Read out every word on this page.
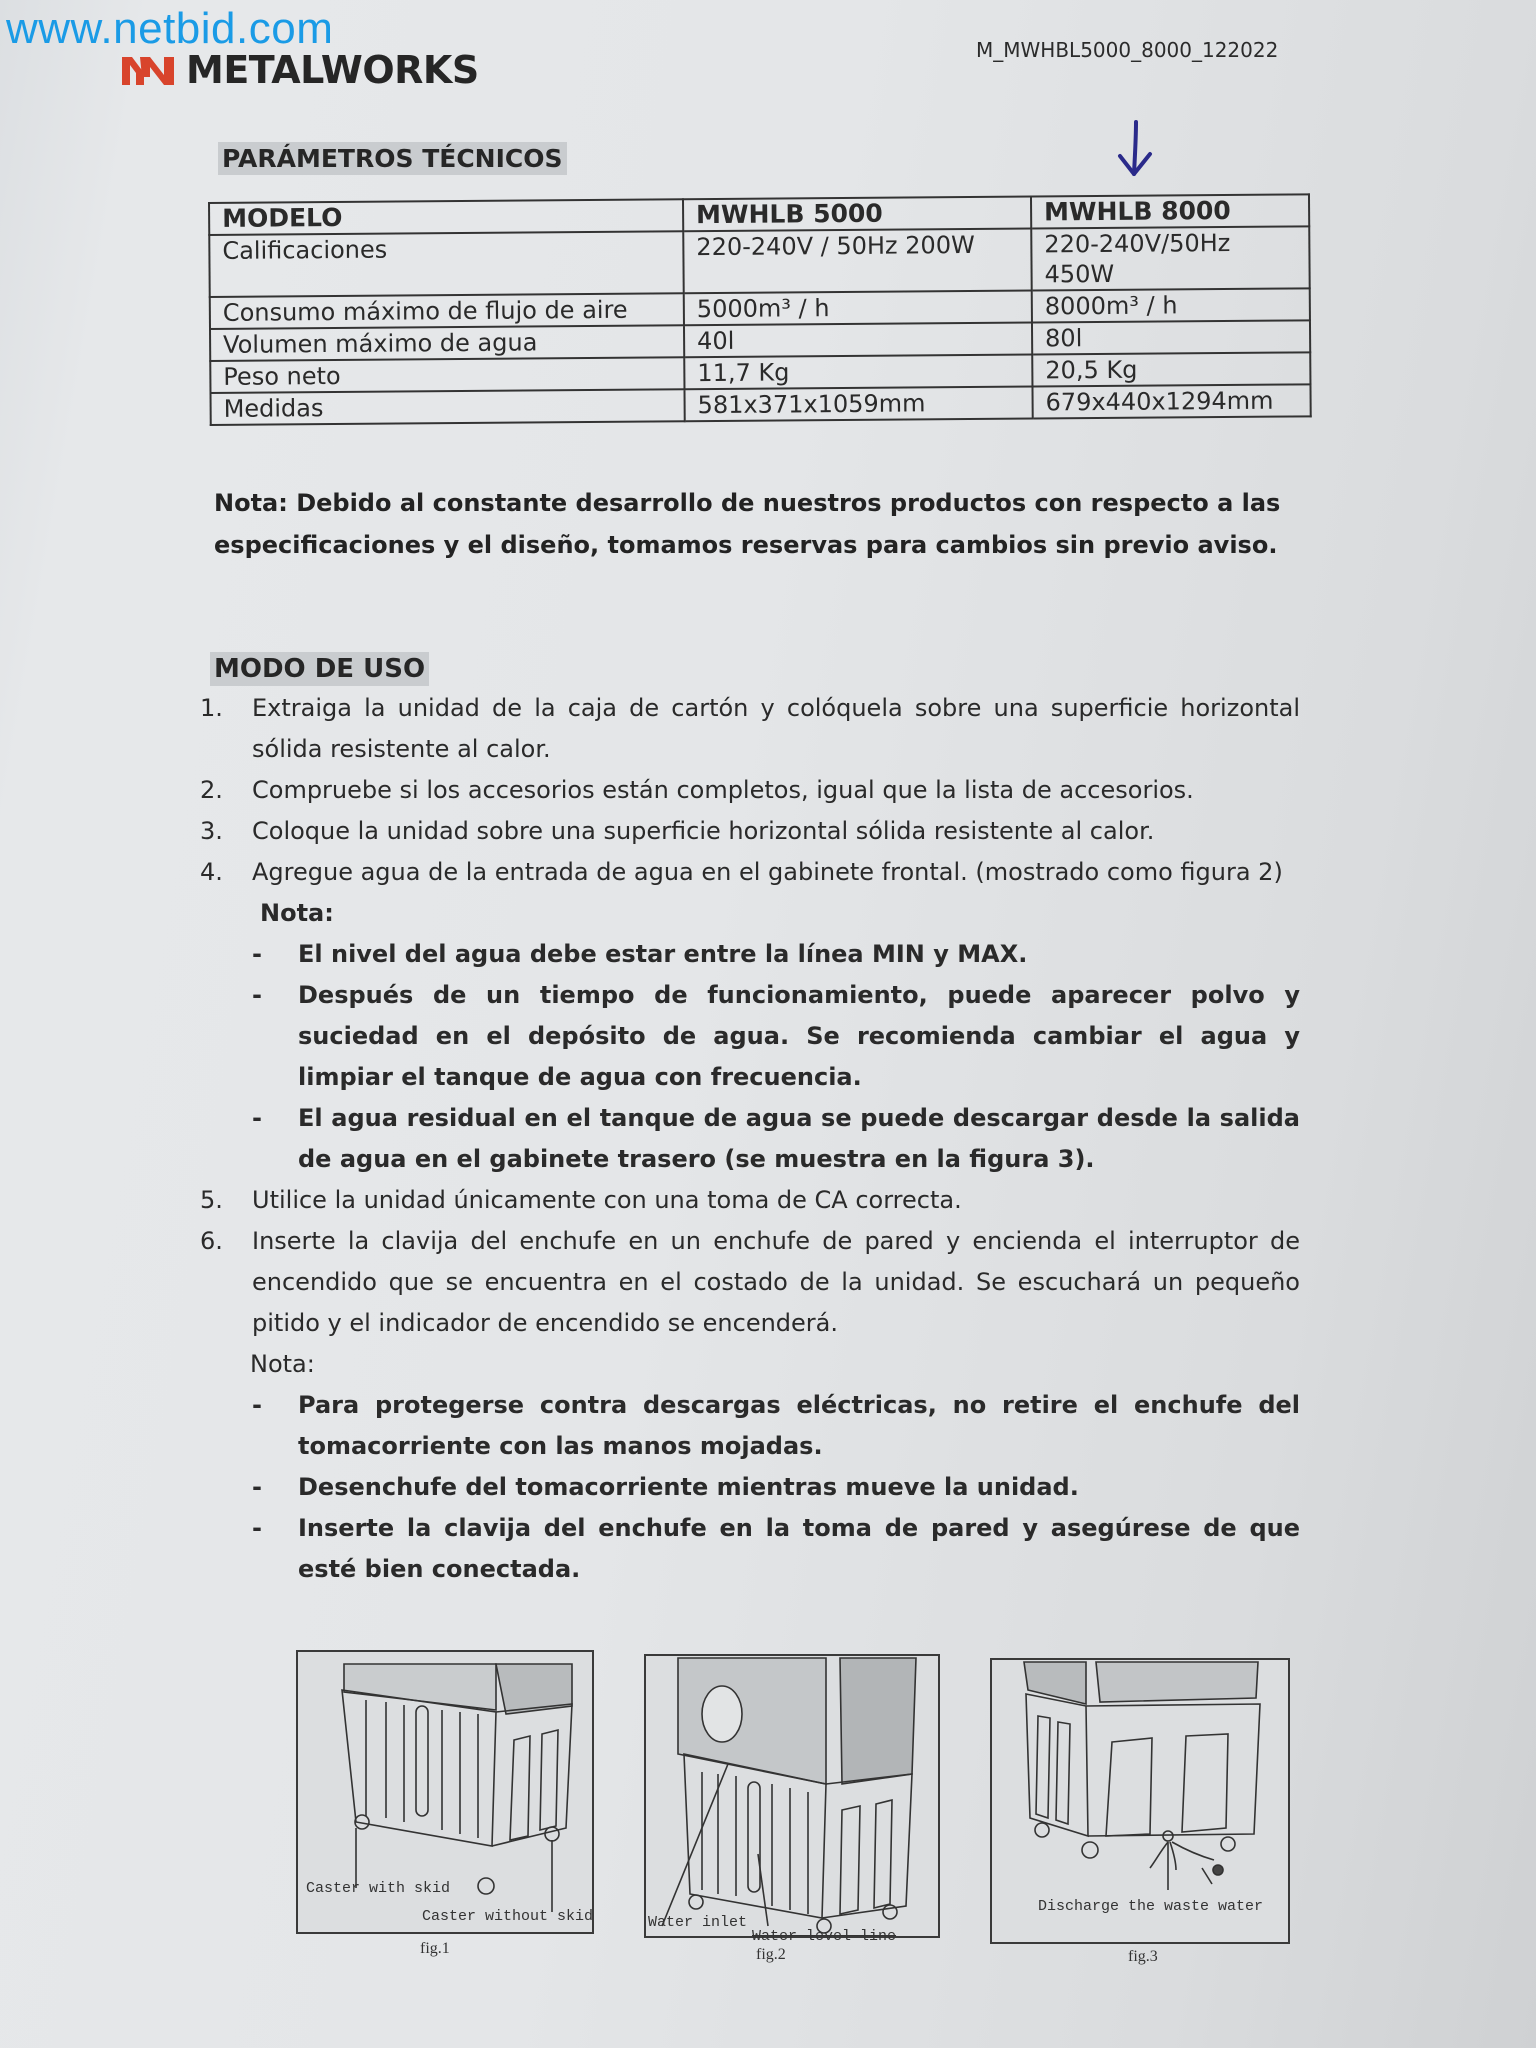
www.netbid.com
METALWORKS	M_MWHBL5000_8000_122022
PARÁMETROS TÉCNICOS
MODELO	MWHLB 5000	MWHLB 8000
Calificaciones	220-240V / 50Hz 200W	220-240V/50Hz
450W

Consumo máximo de flujo de aire	5000m³ / h	8000m³ / h
Volumen máximo de agua	40l	80l
Peso neto	11,7 Kg	20,5 Kg
Medidas	581x371x1059mm	679x440x1294mm
Nota: Debido al constante desarrollo de nuestros productos con respecto a las especificaciones y el diseño, tomamos reservas para cambios sin previo aviso.
MODO DE USO
1.	Extraiga la unidad de la caja de cartón y colóquela sobre una superficie horizontal sólida resistente al calor.
2.	Compruebe si los accesorios están completos, igual que la lista de accesorios.
3.	Coloque la unidad sobre una superficie horizontal sólida resistente al calor.
4.	Agregue agua de la entrada de agua en el gabinete frontal. (mostrado como figura 2)
Nota:
-	El nivel del agua debe estar entre la línea MIN y MAX.
-	Después de un tiempo de funcionamiento, puede aparecer polvo y suciedad en el depósito de agua. Se recomienda cambiar el agua y limpiar el tanque de agua con frecuencia.
-	El agua residual en el tanque de agua se puede descargar desde la salida de agua en el gabinete trasero (se muestra en la figura 3).
5.	Utilice la unidad únicamente con una toma de CA correcta.
6.	Inserte la clavija del enchufe en un enchufe de pared y encienda el interruptor de encendido que se encuentra en el costado de la unidad. Se escuchará un pequeño pitido y el indicador de encendido se encenderá.
Nota:
-	Para protegerse contra descargas eléctricas, no retire el enchufe del tomacorriente con las manos mojadas.
-	Desenchufe del tomacorriente mientras mueve la unidad.
-	Inserte la clavija del enchufe en la toma de pared y asegúrese de que esté bien conectada.
Caster with skid
Caster without skid
fig.1
Water inlet
Water level line
fig.2
Discharge the waste water
fig.3
